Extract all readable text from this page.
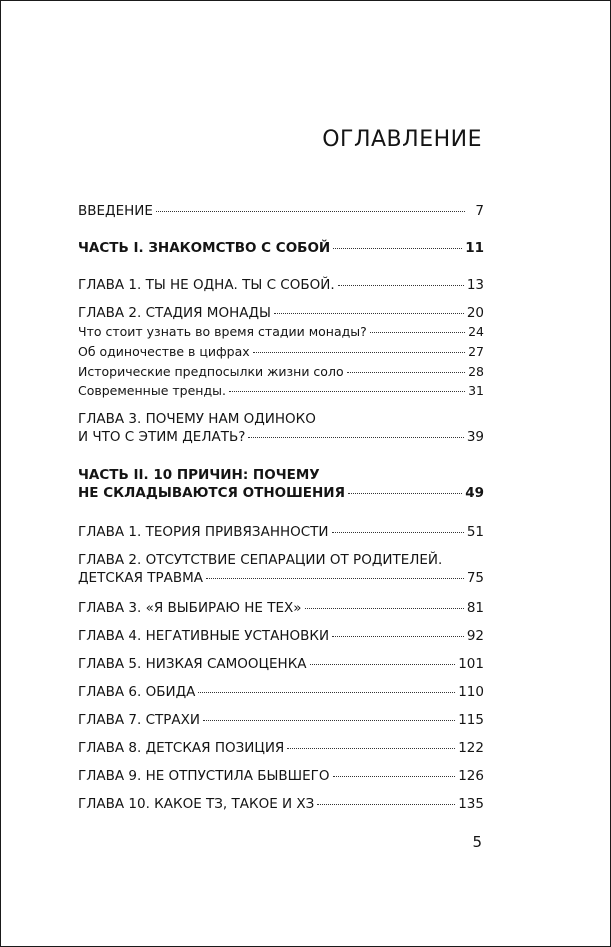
ОГЛАВЛЕНИЕ
ВВЕДЕНИЕ	7
ЧАСТЬ I. ЗНАКОМСТВО С СОБОЙ	11
ГЛАВА 1. ТЫ НЕ ОДНА. ТЫ С СОБОЙ.	13
ГЛАВА 2. СТАДИЯ МОНАДЫ	20
Что стоит узнать во время стадии монады?	24
Об одиночестве в цифрах	27
Исторические предпосылки жизни соло	28
Современные тренды.	31
ГЛАВА 3. ПОЧЕМУ НАМ ОДИНОКО
И ЧТО С ЭТИМ ДЕЛАТЬ?	39
ЧАСТЬ II. 10 ПРИЧИН: ПОЧЕМУ
НЕ СКЛАДЫВАЮТСЯ ОТНОШЕНИЯ	49
ГЛАВА 1. ТЕОРИЯ ПРИВЯЗАННОСТИ	51
ГЛАВА 2. ОТСУТСТВИЕ СЕПАРАЦИИ ОТ РОДИТЕЛЕЙ.
ДЕТСКАЯ ТРАВМА	75
ГЛАВА 3. «Я ВЫБИРАЮ НЕ ТЕХ»	81
ГЛАВА 4. НЕГАТИВНЫЕ УСТАНОВКИ	92
ГЛАВА 5. НИЗКАЯ САМООЦЕНКА	101
ГЛАВА 6. ОБИДА	110
ГЛАВА 7. СТРАХИ	115
ГЛАВА 8. ДЕТСКАЯ ПОЗИЦИЯ	122
ГЛАВА 9. НЕ ОТПУСТИЛА БЫВШЕГО	126
ГЛАВА 10. КАКОЕ ТЗ, ТАКОЕ И ХЗ	135
5
